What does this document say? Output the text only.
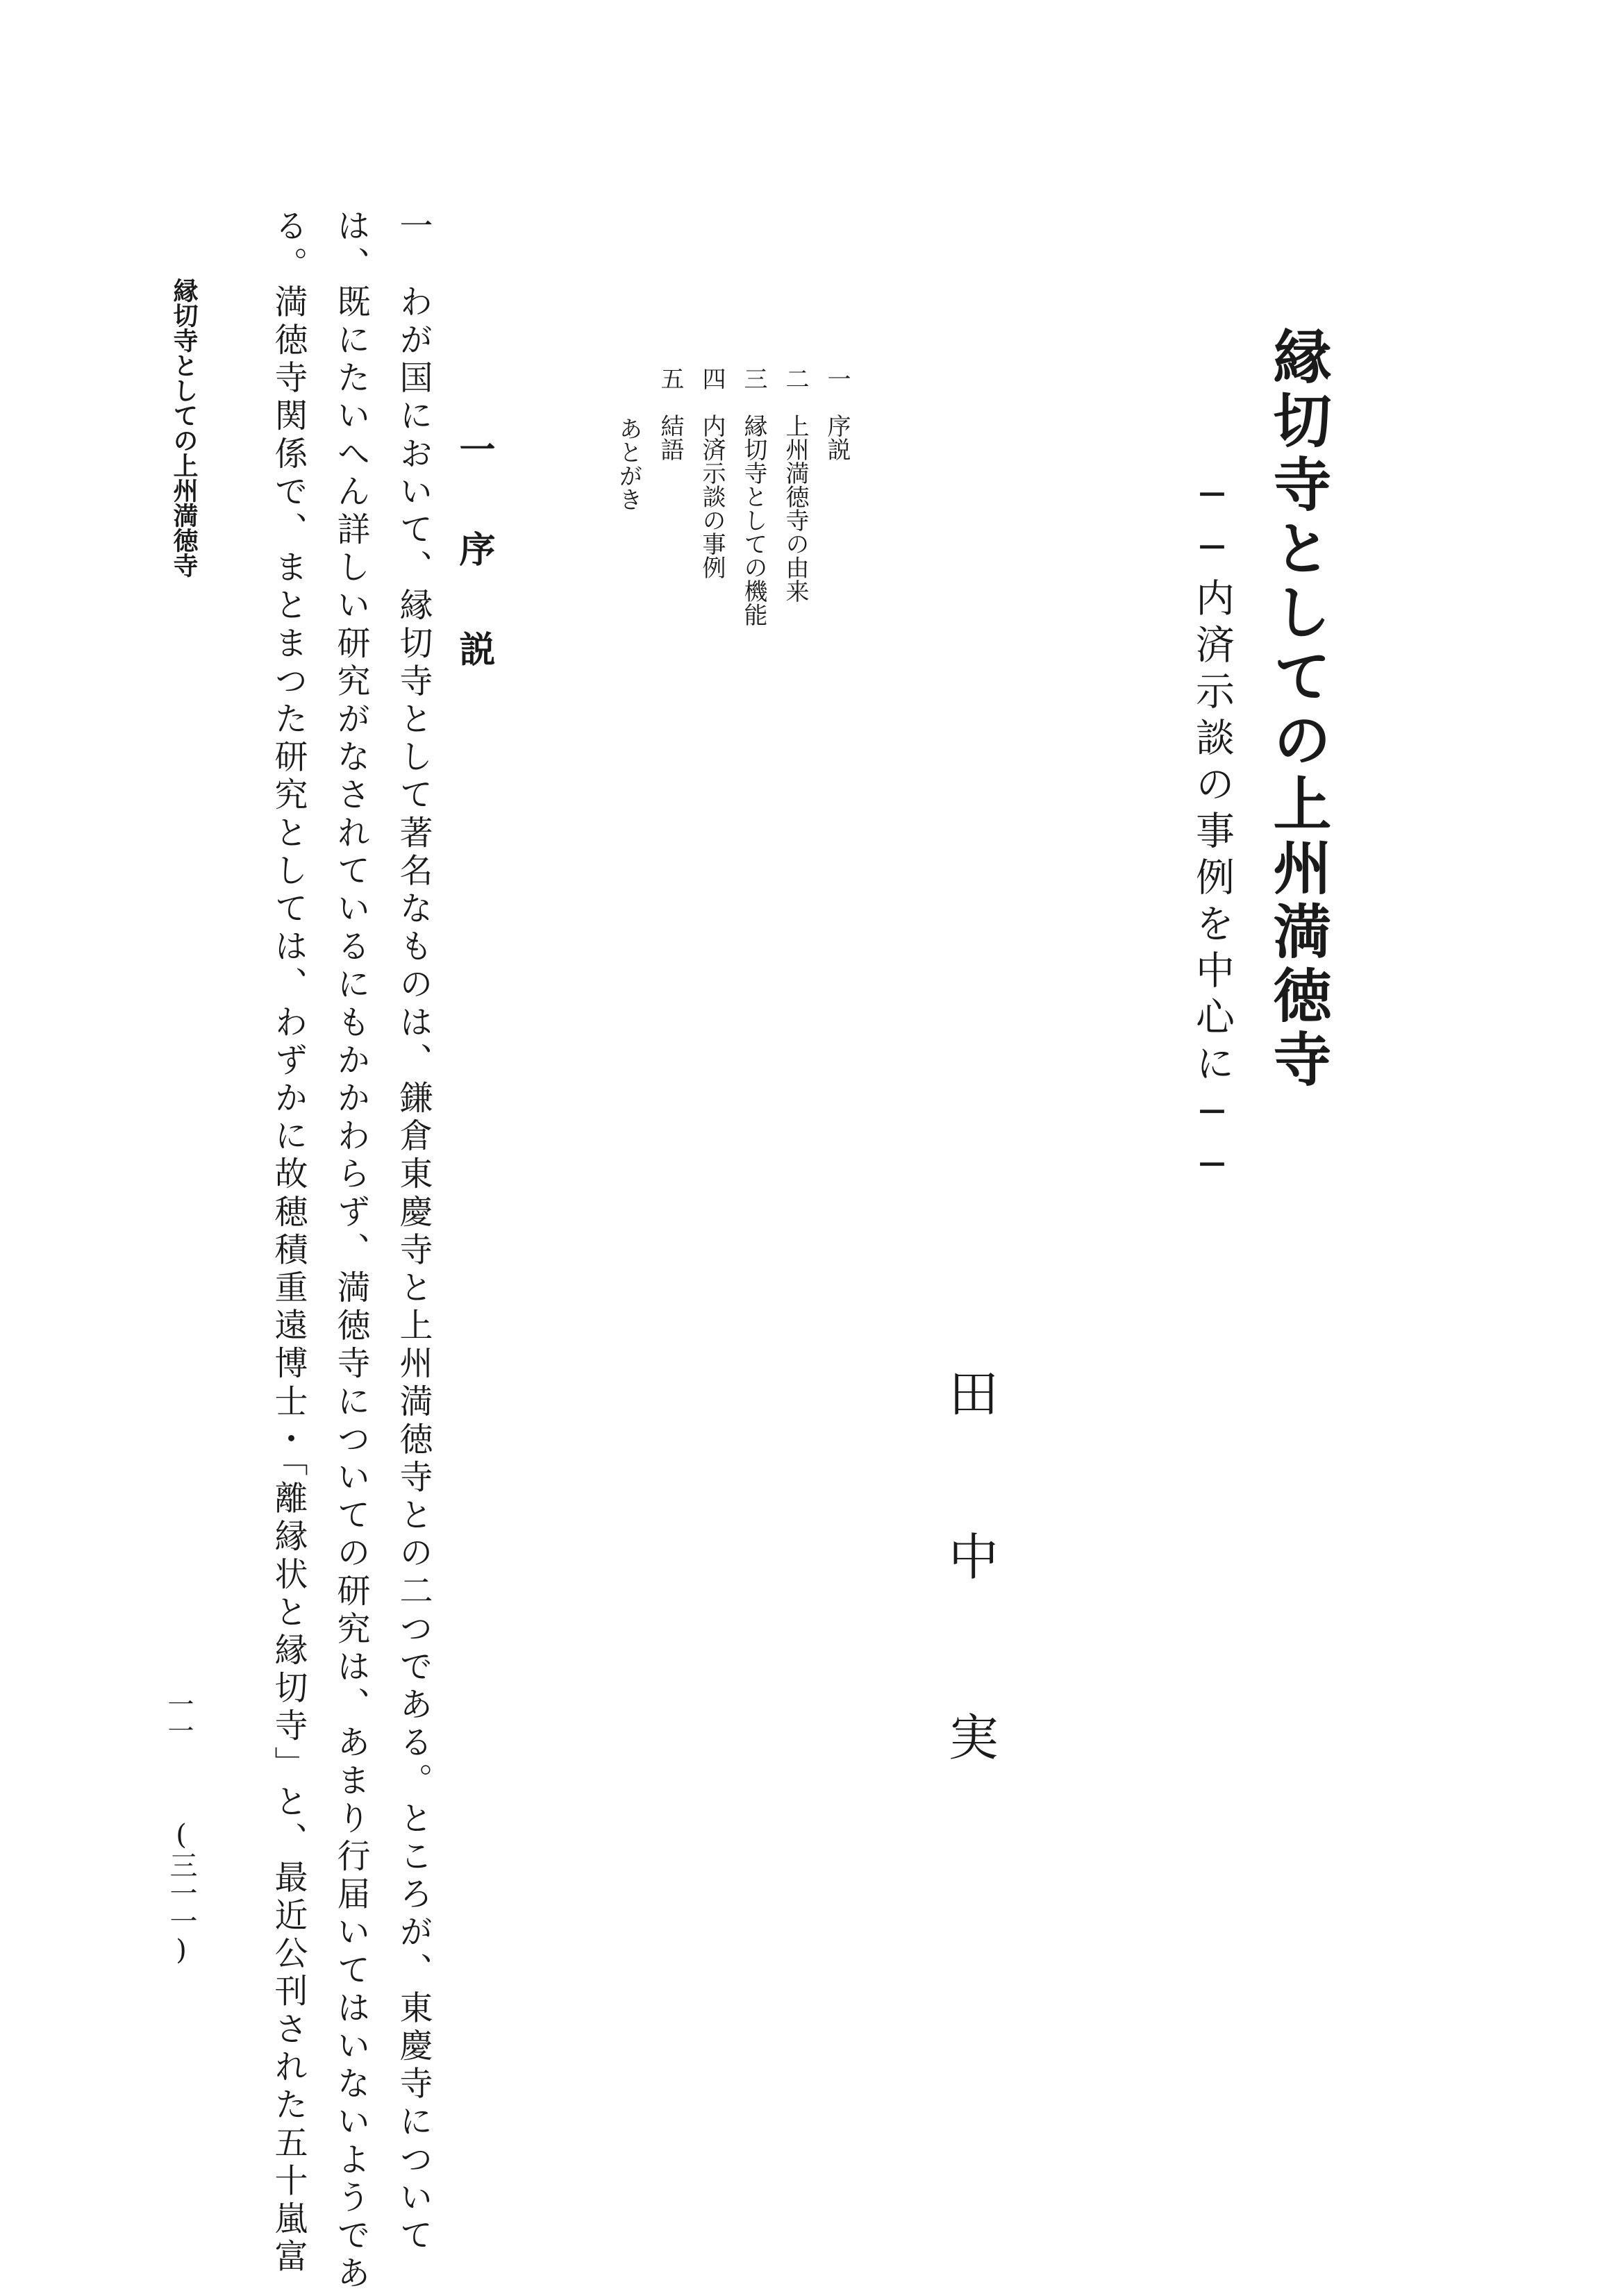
縁切寺としての上州満徳寺
──内済示談の事例を中心に──
田
中
実
一　序説
二　上州満徳寺の由来
三　縁切寺としての機能
四　内済示談の事例
五　結語
あとがき
一　序　説
一　わが国において、縁切寺として著名なものは、鎌倉東慶寺と上州満徳寺との二つである。ところが、東慶寺について
は、既にたいへん詳しい研究がなされているにもかかわらず、満徳寺についての研究は、あまり行届いてはいないようであ
る。満徳寺関係で、まとまつた研究としては、わずかに故穂積重遠博士・「離縁状と縁切寺」と、最近公刊された五十嵐富
縁切寺としての上州満徳寺
一一
(三一一)
